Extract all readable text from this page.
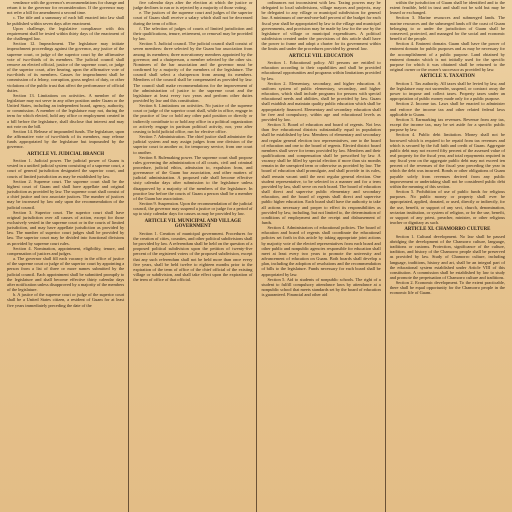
vendance with the governor's recommendations for change and return it to the governor for reconsideration. If the governor may not refer a bill for amendment a second time.

c. The title and a summary of each bill enacted into law shall be published within seven days after enactment.

Upon challenge, the legislative compliance with this requirement shall be tested within thirty days of the enactment of the challenged law.

Section 12. Impeachment. The legislature may initiate impeachment proceedings against the governor, any justice of the supreme court, or judge of the superior court by the affirmative vote of two-thirds of its members. The judicial council shall remove an elected official, justice of the supreme court, or judge of the superior court, after hearing, upon the affirmative vote of two-thirds of its members. Causes for impeachment shall be commission of a felony, corruption, gross neglect of duty, or other violations of the public trust that affect the performance of official duties.

Section 13. Limitations on activities. A member of the legislature may not serve in any other position under Guam or the United States, including an independent board, agency, authority, or commission. A member of the legislature may not, during the term for which elected, hold any office or employment created in a bill before the legislature, shall disclose that interest and may not vote on the bill.

Section 14. Release of impounded funds. The legislature, upon the affirmative vote of two-thirds of its members, may release funds appropriated by the legislature but impounded by the governor.

ARTICLE VI. JUDICIAL BRANCH

Section 1. Judicial power. The judicial power of Guam is vested in a unified judicial system consisting of a supreme court, a court of general jurisdiction designated the superior court, and courts of limited jurisdiction as may be established by law.

Section 2. Supreme court. The supreme court shall be the highest court of Guam and shall have appellate and original jurisdiction as provided by law. The supreme court shall consist of a chief justice and two associate justices. The number of justices may be increased by law only upon the recommendation of the judicial council.

Section 3. Superior court. The superior court shall have original jurisdiction over all causes of action, except for those exclusively vested in the supreme court or in the courts of limited jurisdiction, and may have appellate jurisdiction as provided by law. The number of superior court judges shall be provided by law. The superior court may be divided into functional divisions as provided by supreme court rules.

Section 4. Nomination, appointment, eligibility, tenure, and compensation of justices and judges.

a. The governor shall fill each vacancy in the office of justice of the supreme court or judge of the superior court by appointing a person from a list of three or more names submitted by the judicial council. Each appointment shall be submitted promptly to the legislature and shall become effective thirty calendar days after notification unless disapproved by a majority of the members of the legislature.

b. A justice of the supreme court or judge of the superior court shall be a United States citizen, a resident of Guam for at least five years immediately preceding the date of the

five calendar days after the election at which the justice or judge declines to run or is rejected by a majority of those voting.

e. The justices of the supreme court and judges of the superior court of Guam shall receive a salary which shall not be decreased during the term of office.

f. The selection of judges of courts of limited jurisdiction and their qualifications, tenure, retirement, or removal may be provided by law.

Section 5. Judicial council. The judicial council shall consist of seven members: three selected by the Guam bar association from among its members; three non-attorney members appointed by the governor; and a chairperson, a member selected by the other six. Nominees of the bar association and the governor must be confirmed by a majority of the members of the legislature. The council shall select a chairperson from among its members. Members of the council shall be compensated as provided by law. The council shall make recommendations for the improvement of the administration of justice to the supreme court and the legislature at least every two years and perform other duties provided by law and this constitution.

Section 6. Limitations on activities. No justice of the supreme court or judge of the superior court shall, while in office, engage in the practice of law or hold any other paid position or directly or indirectly contribute to or hold any office in a political organization or actively engage in partisan political activity, nor, year after ceasing to hold judicial office, run for elective office.

Section 7. Administration. The chief justice shall administer the judicial system and may assign judges from one division of the superior court to another or, for temporary service, from one court to another.

Section 8. Rulemaking power. The supreme court shall propose rules governing the administration of all courts, civil and criminal procedure, judicial ethics, admission to, expulsion from, and governance of the Guam bar association, and other matters of judicial administration. A proposed rule shall become effective sixty calendar days after submission to the legislature unless disapproved by a majority of the members of the legislature. In practice law before the courts of Guam a person shall be a member of the Guam bar association.

Section 9. Suspension. Upon the recommendation of the judicial council, the governor may suspend a justice or judge for a period of up to sixty calendar days for causes as may be provided by law.

ARTICLE VII. MUNICIPAL AND VILLAGE GOVERNMENT

Section 1. Creation of municipal government. Procedures for the creation of cities, counties, and other political subdivisions shall be provided by law. A referendum shall be held on the question of a proposed political subdivision upon the petition of twenty-five percent of the registered voters of the proposed subdivision, except that any such referendum shall not be held more than once every five years, shall be held twelve to eighteen months prior to the expiration of the term of office of the chief official of the existing village or subdivision, and shall take effect upon the expiration of the term of office of that official.

ordinances not inconsistent with law. Taxing powers may be delegated to local subdivisions, village mayors and projects, may be delegated to any village or municipal subdivision for general law. A minimum of one-and-one-half percent of the budget for each fiscal year shall be appropriated by law to the village and municipal governments, and provision may be made by law for the use by the legislature of village or municipal expenditures. A political subdivision created under the provisions of this article shall have the power to frame and adopt a charter for its government within the limits and under the procedures provided by general law.

ARTICLE VIII. EDUCATION

Section 1. Educational policy. All persons are entitled to education according to their capabilities and shall be provided educational opportunities and programs within limitations provided by law.

Section 2. Elementary, secondary, and higher education. A uniform system of public elementary, secondary, and higher education, which shall include programs for persons with special educational needs and abilities, shall be provided by law. Guam shall establish and maintain quality public education which shall be appropriately financed. Elementary and secondary education shall be free and compulsory, within age and educational levels as provided by law.

Section 3. Board of education and board of regents. Not less than five educational districts substantially equal in population shall be established by law. Members of elementary and secondary and regular general election two representatives, one to the board of education and one to the board of regents. Elected district board members shall serve for terms provided by law. Members and their qualifications and compensation shall be prescribed by law. A vacancy shall be filled by special election if more than six months remain in the unexpired term or otherwise as provided by law. The board of education shall promulgate, and shall provide in its rules, shall remain vacant until the next regular general election. One student representative, to be selected in a manner and for a term provided by law, shall serve on each board. The board of education shall direct and supervise public elementary and secondary education, and the board of regents shall direct and supervise public higher education. Each board shall have the authority to take all actions necessary and proper to effect its responsibilities as provided by law, including, but not limited to, the determination of conditions of employment and the receipt and disbursement of funds.

Section 4. Administrators of educational policies. The board of education and board of regents shall coordinate the educational policies set forth in this article by taking appropriate joint actions by majority vote of the elected representatives from each board and other public and nonpublic agencies responsible for education shall meet at least every two years to promote the university and advancement of education on Guam. Both boards shall develop a plan, including the adoption of resolutions and the recommendation of bills to the legislature. Funds necessary for each board shall be appropriated by law.

Section 5. Aid to students of nonpublic schools. The right of a student to fulfill compulsory attendance laws by attendance at a nonpublic school that meets standards set by the board of education is guaranteed. Financial and other aid

within the jurisdiction of Guam shall be identified and to the extent feasible, held in trust and shall not be sold but may be leased or exchanged.

Section 3. Marine resources and submerged lands. The marine resources and the submerged lands off the coast of Guam belonging to or under the jurisdiction of Guam shall be conserved, protected, and managed for the social and economic benefit of the people.

Section 4. Eminent domain. Guam shall have the power of eminent domain for public purposes and as may be necessary for the accomplishment of a public purpose. Land obtained by eminent domain which is not initially used for the specific purpose for which it was obtained shall be returned to the original owner or the owner's successor as provided by law.

ARTICLE X. TAXATION

Section 1. Tax authority. All taxes shall be levied by law, and the legislature may not surrender, suspend, or contract away the power to impose and collect taxes. Property taxes under an appropriation of public money made only for a public purpose.

Section 2. Income tax. Laws shall be enacted to administer and enforce the income tax and other related federal laws applicable to Guam.

Section 3. Earmarking tax revenues. Revenue from any tax, except the income tax, may be set aside for a specific public purpose by law.

Section 4. Public debt limitation. Money shall not be borrowed which is required to be repaid from tax revenues and which is secured by the full faith and credit of Guam. Aggregate public debt may not exceed fifty percent of the assessed value of real property for the fiscal year, and total repayments required in any fiscal year on the aggregate public debt may not exceed ten percent of the revenues of the fiscal year preceding the year in which the debt was incurred. Bonds or other obligations of Guam payable solely from revenues derived from any public improvement or undertaking shall not be considered public debt within the meaning of this section.

Section 5. Prohibition of use of public funds for religious purposes. No public money or property shall ever be appropriated, applied, donated, or used, directly or indirectly, for the use, benefit, or support of any sect, church, denomination, sectarian institution, or system of religion, or for the use, benefit, or support of any priest, preacher, minister, or other religious teacher or dignitary as such.

ARTICLE XI. CHAMORRO CULTURE

Section 1. Cultural development. No law shall be passed abridging the development of the Chamorro culture, language, traditions or customs. Protection, significance of the culture, tradition, and history of the Chamorro people shall be preserved as provided by law. Study of Chamorro culture, including language, traditions, history and art, shall be an integral part of the educational system established under Article VIII of this constitution. A commission shall be established by law to study and promote the perpetuation of Chamorro culture and traditions.

Section 2. Economic development. To the extent practicable, there shall be equal opportunity for the Chamorro people in the economic life of Guam.
